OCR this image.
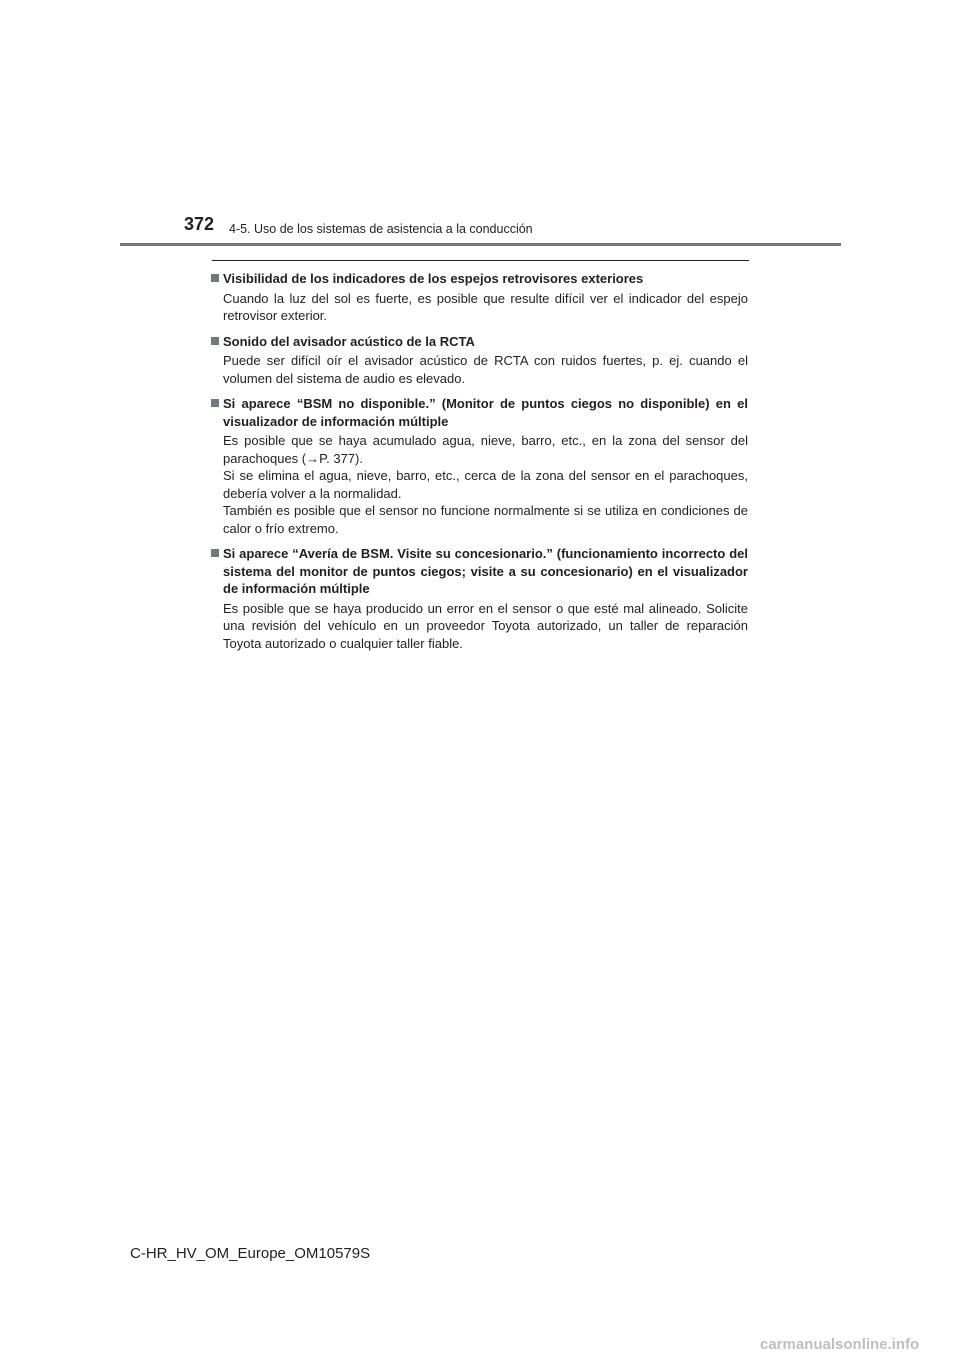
372 4-5. Uso de los sistemas de asistencia a la conducción
Visibilidad de los indicadores de los espejos retrovisores exteriores

Cuando la luz del sol es fuerte, es posible que resulte difícil ver el indicador del espejo retrovisor exterior.

Sonido del avisador acústico de la RCTA

Puede ser difícil oír el avisador acústico de RCTA con ruidos fuertes, p. ej. cuando el volumen del sistema de audio es elevado.

Si aparece “BSM no disponible.” (Monitor de puntos ciegos no disponible) en el visualizador de información múltiple

Es posible que se haya acumulado agua, nieve, barro, etc., en la zona del sensor del parachoques (→P. 377).

Si se elimina el agua, nieve, barro, etc., cerca de la zona del sensor en el parachoques, debería volver a la normalidad.

También es posible que el sensor no funcione normalmente si se utiliza en condiciones de calor o frío extremo.

Si aparece “Avería de BSM. Visite su concesionario.” (funcionamiento incorrecto del sistema del monitor de puntos ciegos; visite a su concesionario) en el visualizador de información múltiple

Es posible que se haya producido un error en el sensor o que esté mal alineado. Solicite una revisión del vehículo en un proveedor Toyota autorizado, un taller de reparación Toyota autorizado o cualquier taller fiable.

C-HR_HV_OM_Europe_OM10579S
carmanualsonline.info
